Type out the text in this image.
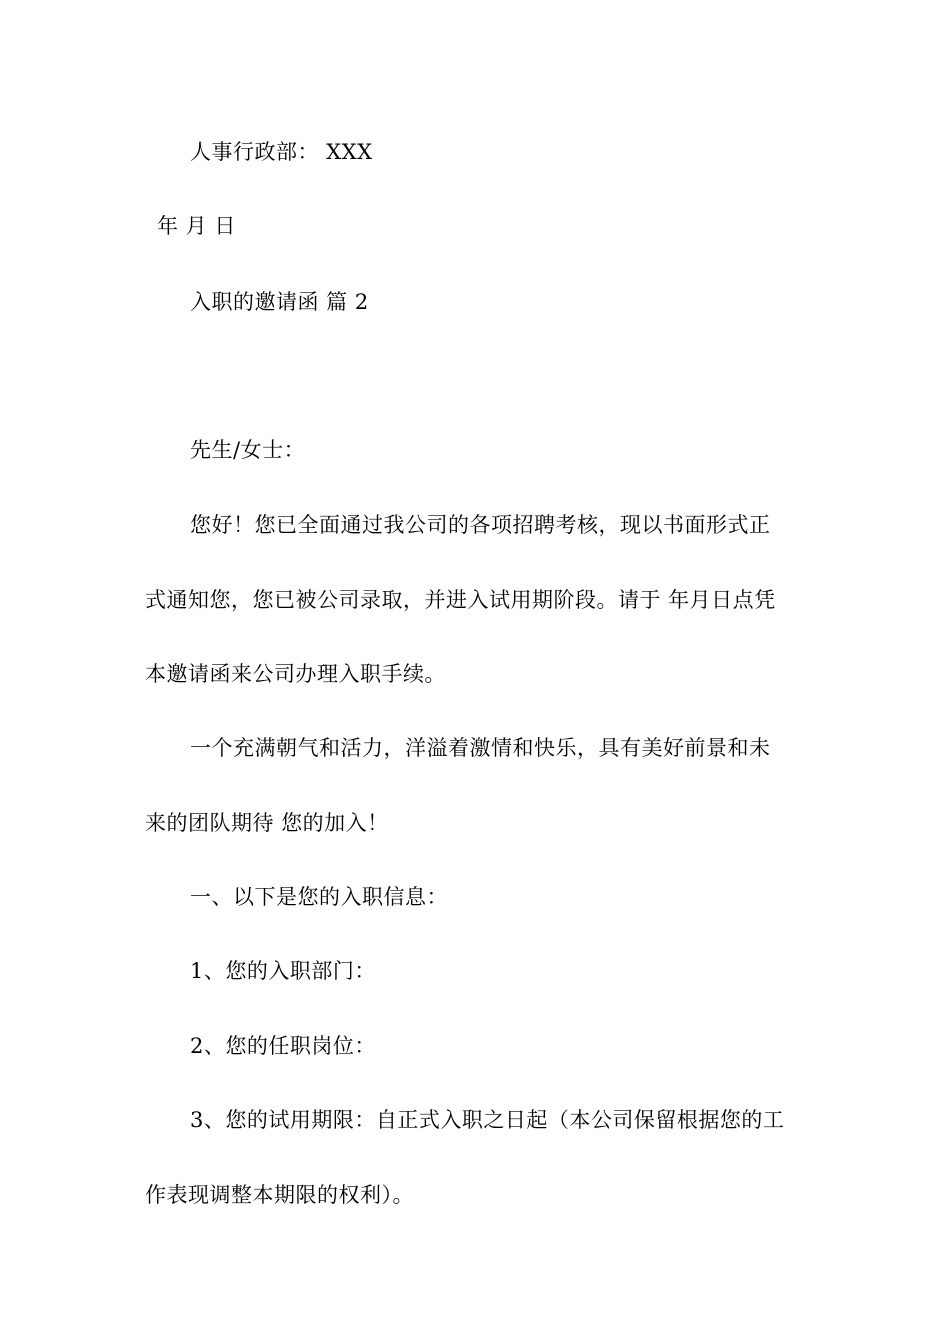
人事行政部： XXX
年 月 日
入职的邀请函 篇 2
先生/女士：
您好！您已全面通过我公司的各项招聘考核，现以书面形式正
式通知您，您已被公司录取，并进入试用期阶段。请于 年月日点凭
本邀请函来公司办理入职手续。
一个充满朝气和活力，洋溢着激情和快乐，具有美好前景和未
来的团队期待 您的加入！
一、以下是您的入职信息：
1、您的入职部门：
2、您的任职岗位：
3、您的试用期限：自正式入职之日起（本公司保留根据您的工
作表现调整本期限的权利）。
